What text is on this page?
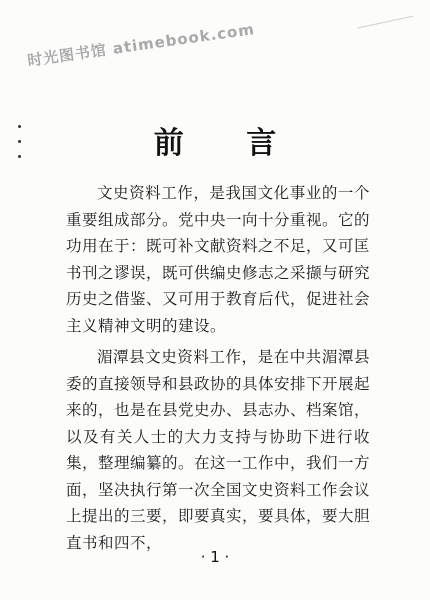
时光图书馆 atimebook.com
前 言

文史资料工作，是我国文化事业的一个重要组成部分。党中央一向十分重视。它的功用在于：既可补文献资料之不足，又可匡书刊之谬误，既可供编史修志之采撷与研究历史之借鉴、又可用于教育后代，促进社会主义精神文明的建设。

湄潭县文史资料工作，是在中共湄潭县委的直接领导和县政协的具体安排下开展起来的，也是在县党史办、县志办、档案馆，以及有关人士的大力支持与协助下进行收集，整理编纂的。在这一工作中，我们一方面，坚决执行第一次全国文史资料工作会议上提出的三要，即要真实，要具体，要大胆直书和四不，

· 1 ·
